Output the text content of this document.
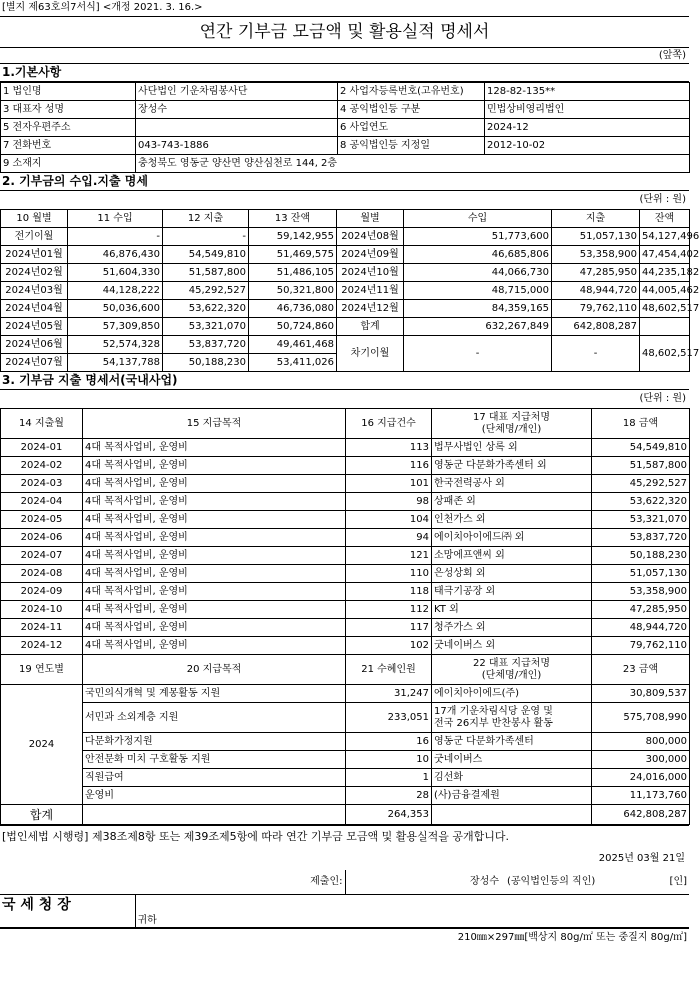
[별지 제63호의7서식] <개정 2021. 3. 16.>
연간 기부금 모금액 및 활용실적 명세서
(앞쪽)
1.기본사항
1 법인명	사단법인 기운차림봉사단	2 사업자등록번호(고유번호)	128-82-135**
3 대표자 성명	장성수	4 공익법인등 구분	민법상비영리법인
5 전자우편주소		6 사업연도	2024-12
7 전화번호	043-743-1886	8 공익법인등 지정일	2012-10-02
9 소재지	충청북도 영동군 양산면 양산심천로 144, 2층		
2. 기부금의 수입.지출 명세
(단위 : 원)
10 월별	11 수입	12 지출	13 잔액	월별	수입	지출	잔액
전기이월	-	-	59,142,955	2024년08월	51,773,600	51,057,130	54,127,496
2024년01월	46,876,430	54,549,810	51,469,575	2024년09월	46,685,806	53,358,900	47,454,402
2024년02월	51,604,330	51,587,800	51,486,105	2024년10월	44,066,730	47,285,950	44,235,182
2024년03월	44,128,222	45,292,527	50,321,800	2024년11월	48,715,000	48,944,720	44,005,462
2024년04월	50,036,600	53,622,320	46,736,080	2024년12월	84,359,165	79,762,110	48,602,517
2024년05월	57,309,850	53,321,070	50,724,860	합계	632,267,849	642,808,287	
2024년06월	52,574,328	53,837,720	49,461,468	차기이월	-	-	48,602,517
2024년07월	54,137,788	50,188,230	53,411,026				
3. 기부금 지출 명세서(국내사업)
(단위 : 원)
14 지출월	15 지급목적	16 지급건수	17 대표 지급처명
(단체명/개인)	18 금액
2024-01	4대 목적사업비, 운영비	113	법무사법인 상록 외	54,549,810
2024-02	4대 목적사업비, 운영비	116	영동군 다문화가족센터 외	51,587,800
2024-03	4대 목적사업비, 운영비	101	한국전력공사 외	45,292,527
2024-04	4대 목적사업비, 운영비	98	상패존 외	53,622,320
2024-05	4대 목적사업비, 운영비	104	인천가스 외	53,321,070
2024-06	4대 목적사업비, 운영비	94	에이치아이에드㈜ 외	53,837,720
2024-07	4대 목적사업비, 운영비	121	소망에프앤씨 외	50,188,230
2024-08	4대 목적사업비, 운영비	110	은성상회 외	51,057,130
2024-09	4대 목적사업비, 운영비	118	태극기공장 외	53,358,900
2024-10	4대 목적사업비, 운영비	112	KT 외	47,285,950
2024-11	4대 목적사업비, 운영비	117	청주가스 외	48,944,720
2024-12	4대 목적사업비, 운영비	102	굿네이버스 외	79,762,110
19 연도별	20 지급목적	21 수혜인원	22 대표 지급처명
(단체명/개인)	23 금액
2024	국민의식개혁 및 계몽활동 지원	31,247	에이치아이에드(주)	30,809,537
	서민과 소외계층 지원	233,051	17개 기운차림식당 운영 및
전국 26지부 반찬봉사 활동	575,708,990
	다문화가정지원	16	영동군 다문화가족센터	800,000
	안전문화 미치 구호활동 지원	10	굿네이버스	300,000
	직원급여	1	김선화	24,016,000
	운영비	28	(사)금융결제원	11,173,760
합계		264,353		642,808,287
[법인세법 시행령] 제38조제8항 또는 제39조제5항에 따라 연간 기부금 모금액 및 활용실적을 공개합니다.			
2025년 03월 21일			
	제출인:	장성수	(공익법인등의 직인) [인]

국 세 청 장	귀하		
210㎜×297㎜[백상지 80g/㎡ 또는 중질지 80g/㎡]			
